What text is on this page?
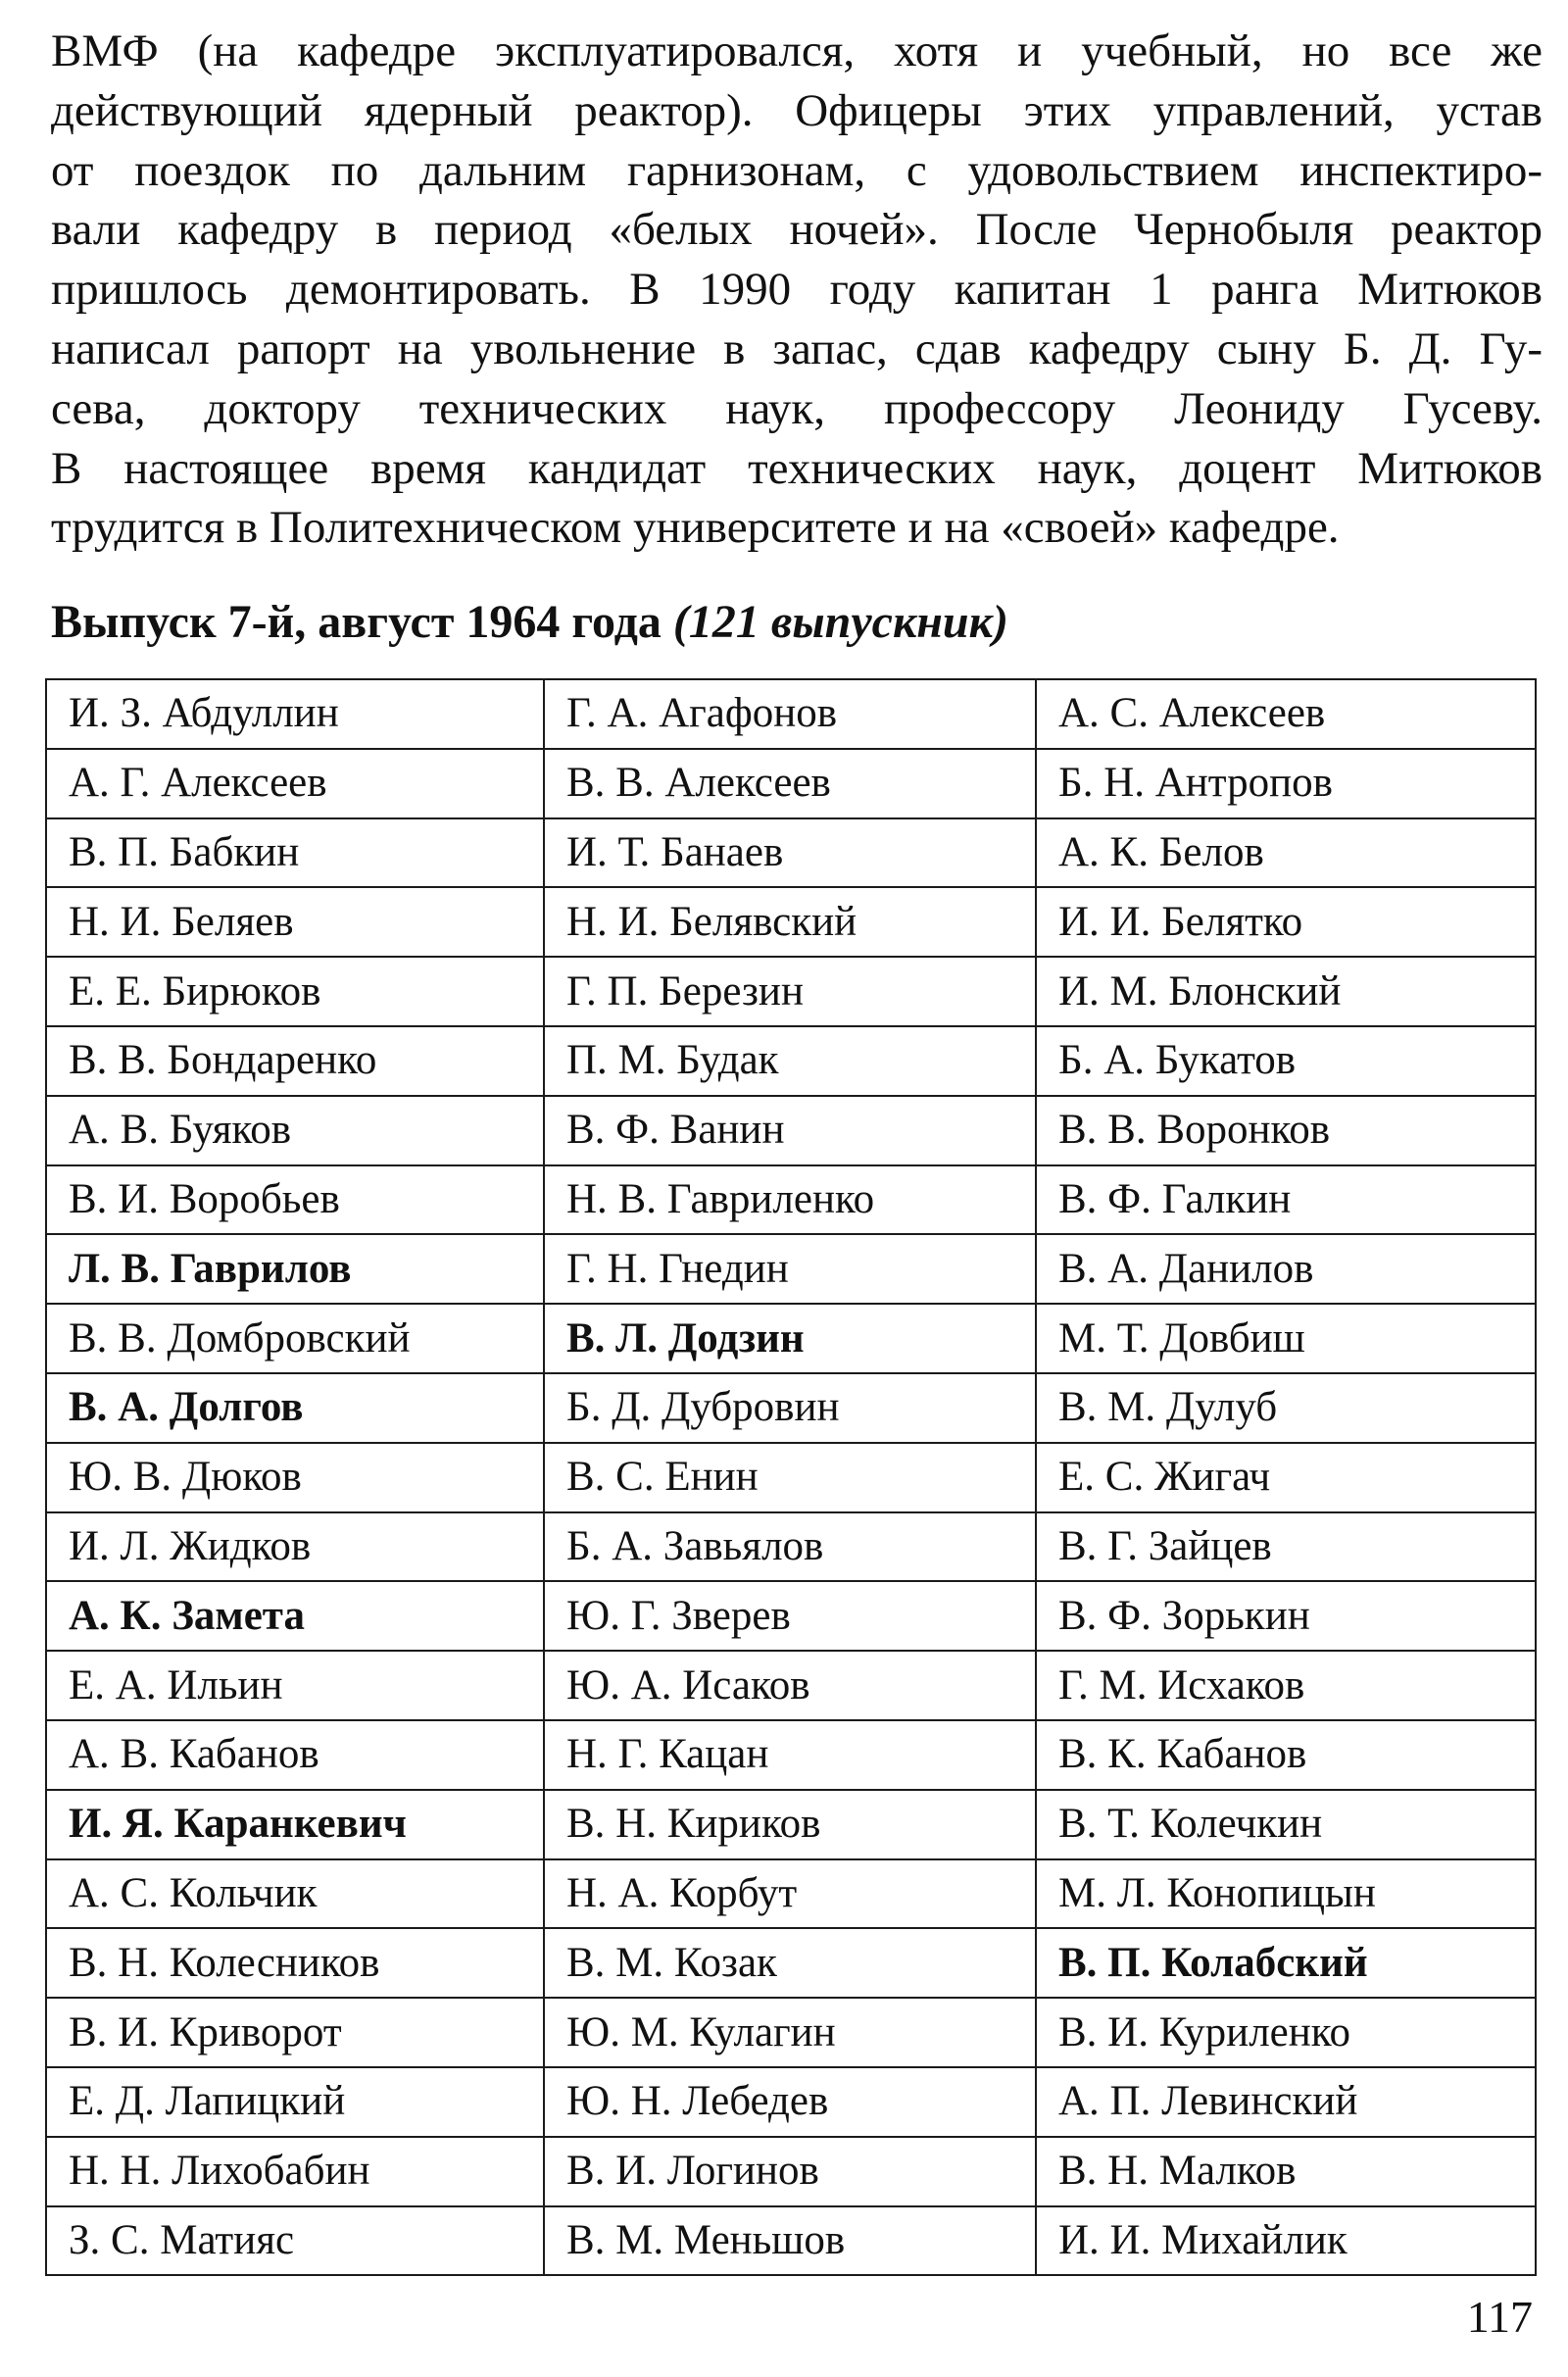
ВМФ (на кафедре эксплуатировался, хотя и учебный, но все же
действующий ядерный реактор). Офицеры этих управлений, устав
от поездок по дальним гарнизонам, с удовольствием инспектиро-
вали кафедру в период «белых ночей». После Чернобыля реактор
пришлось демонтировать. В 1990 году капитан 1 ранга Митюков
написал рапорт на увольнение в запас, сдав кафедру сыну Б. Д. Гу-
сева, доктору технических наук, профессору Леониду Гусеву.
В настоящее время кандидат технических наук, доцент Митюков
трудится в Политехническом университете и на «своей» кафедре.
Выпуск 7-й, август 1964 года (121 выпускник)
И. З. Абдуллин	Г. А. Агафонов	А. С. Алексеев
А. Г. Алексеев	В. В. Алексеев	Б. Н. Антропов
В. П. Бабкин	И. Т. Банаев	А. К. Белов
Н. И. Беляев	Н. И. Белявский	И. И. Белятко
Е. Е. Бирюков	Г. П. Березин	И. М. Блонский
В. В. Бондаренко	П. М. Будак	Б. А. Букатов
А. В. Буяков	В. Ф. Ванин	В. В. Воронков
В. И. Воробьев	Н. В. Гавриленко	В. Ф. Галкин
Л. В. Гаврилов	Г. Н. Гнедин	В. А. Данилов
В. В. Домбровский	В. Л. Додзин	М. Т. Довбиш
В. А. Долгов	Б. Д. Дубровин	В. М. Дулуб
Ю. В. Дюков	В. С. Енин	Е. С. Жигач
И. Л. Жидков	Б. А. Завьялов	В. Г. Зайцев
А. К. Замета	Ю. Г. Зверев	В. Ф. Зорькин
Е. А. Ильин	Ю. А. Исаков	Г. М. Исхаков
А. В. Кабанов	Н. Г. Кацан	В. К. Кабанов
И. Я. Каранкевич	В. Н. Кириков	В. Т. Колечкин
А. С. Кольчик	Н. А. Корбут	М. Л. Конопицын
В. Н. Колесников	В. М. Козак	В. П. Колабский
В. И. Криворот	Ю. М. Кулагин	В. И. Куриленко
Е. Д. Лапицкий	Ю. Н. Лебедев	А. П. Левинский
Н. Н. Лихобабин	В. И. Логинов	В. Н. Малков
З. С. Матияс	В. М. Меньшов	И. И. Михайлик
117
